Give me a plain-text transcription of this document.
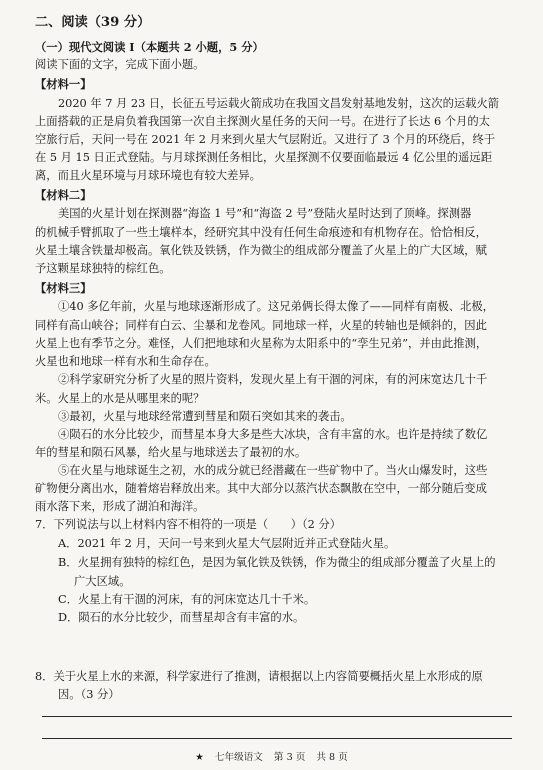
二、阅读（39 分）
（一）现代文阅读 Ⅰ（本题共 2 小题，5 分）
阅读下面的文字，完成下面小题。
【材料一】
2020 年 7 月 23 日，长征五号运载火箭成功在我国文昌发射基地发射，这次的运载火箭
上面搭载的正是肩负着我国第一次自主探测火星任务的天问一号。在进行了长达 6 个月的太
空旅行后，天问一号在 2021 年 2 月来到火星大气层附近。又进行了 3 个月的环绕后，终于
在 5 月 15 日正式登陆。与月球探测任务相比，火星探测不仅要面临最远 4 亿公里的遥远距
离，而且火星环境与月球环境也有较大差异。
【材料二】
美国的火星计划在探测器“海盗 1 号”和“海盗 2 号”登陆火星时达到了顶峰。探测器
的机械手臂抓取了一些土壤样本，经研究其中没有任何生命痕迹和有机物存在。恰恰相反，
火星土壤含铁量却极高。氧化铁及铁锈，作为微尘的组成部分覆盖了火星上的广大区域，赋
予这颗星球独特的棕红色。
【材料三】
①40 多亿年前，火星与地球逐渐形成了。这兄弟俩长得太像了——同样有南极、北极，
同样有高山峡谷；同样有白云、尘暴和龙卷风。同地球一样，火星的转轴也是倾斜的，因此
火星上也有季节之分。难怪，人们把地球和火星称为太阳系中的“孪生兄弟”，并由此推测，
火星也和地球一样有水和生命存在。
②科学家研究分析了火星的照片资料，发现火星上有干涸的河床，有的河床宽达几十千
米。火星上的水是从哪里来的呢？
③最初，火星与地球经常遭到彗星和陨石突如其来的袭击。
④陨石的水分比较少，而彗星本身大多是些大冰块，含有丰富的水。也许是持续了数亿
年的彗星和陨石风暴，给火星与地球送去了最初的水。
⑤在火星与地球诞生之初，水的成分就已经潜藏在一些矿物中了。当火山爆发时，这些
矿物便分离出水，随着熔岩释放出来。其中大部分以蒸汽状态飘散在空中，一部分随后变成
雨水落下来，形成了湖泊和海洋。
7．下列说法与以上材料内容不相符的一项是（　　）（2 分）
A．2021 年 2 月，天问一号来到火星大气层附近并正式登陆火星。
B．火星拥有独特的棕红色，是因为氧化铁及铁锈，作为微尘的组成部分覆盖了火星上的
广大区域。
C．火星上有干涸的河床，有的河床宽达几十千米。
D．陨石的水分比较少，而彗星却含有丰富的水。
8．关于火星上水的来源，科学家进行了推测，请根据以上内容简要概括火星上水形成的原
因。（3 分）
★ 七年级语文 第 3 页 共 8 页
